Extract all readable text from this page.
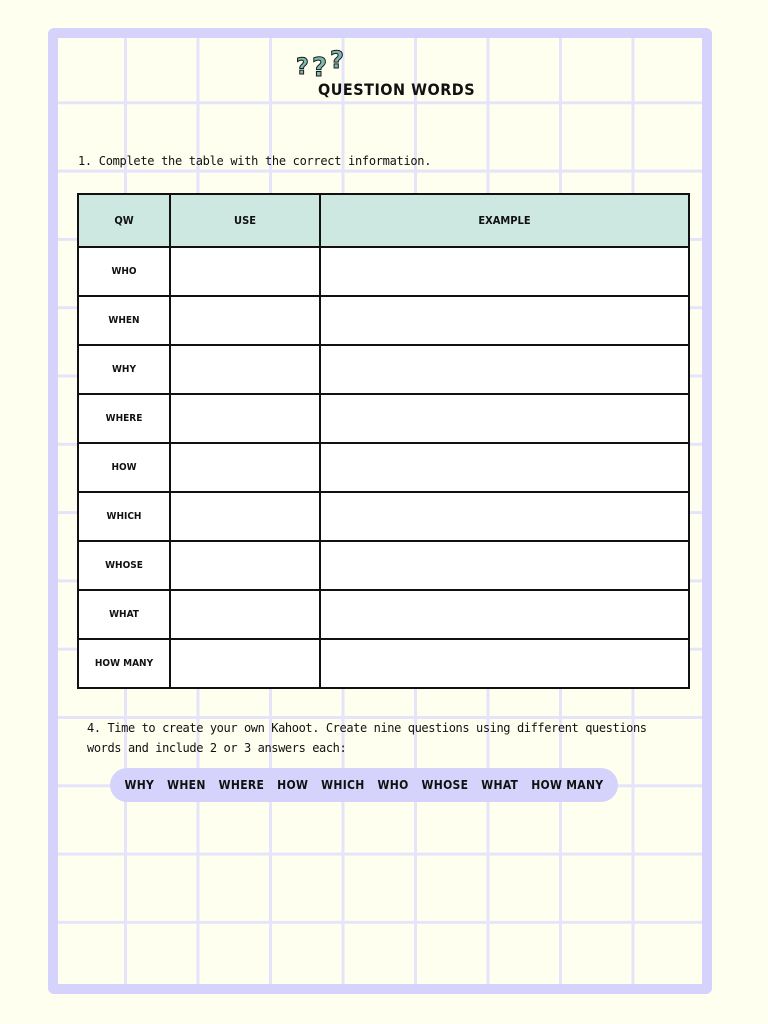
? ? ?
QUESTION WORDS
1. Complete the table with the correct information.
QW	USE	EXAMPLE
WHO		
WHEN		
WHY		
WHERE		
HOW		
WHICH		
WHOSE		
WHAT		
HOW MANY		
4. Time to create your own Kahoot. Create nine questions using different questions words and include 2 or 3 answers each:
WHY WHEN WHERE HOW WHICH WHO WHOSE WHAT HOW MANY
